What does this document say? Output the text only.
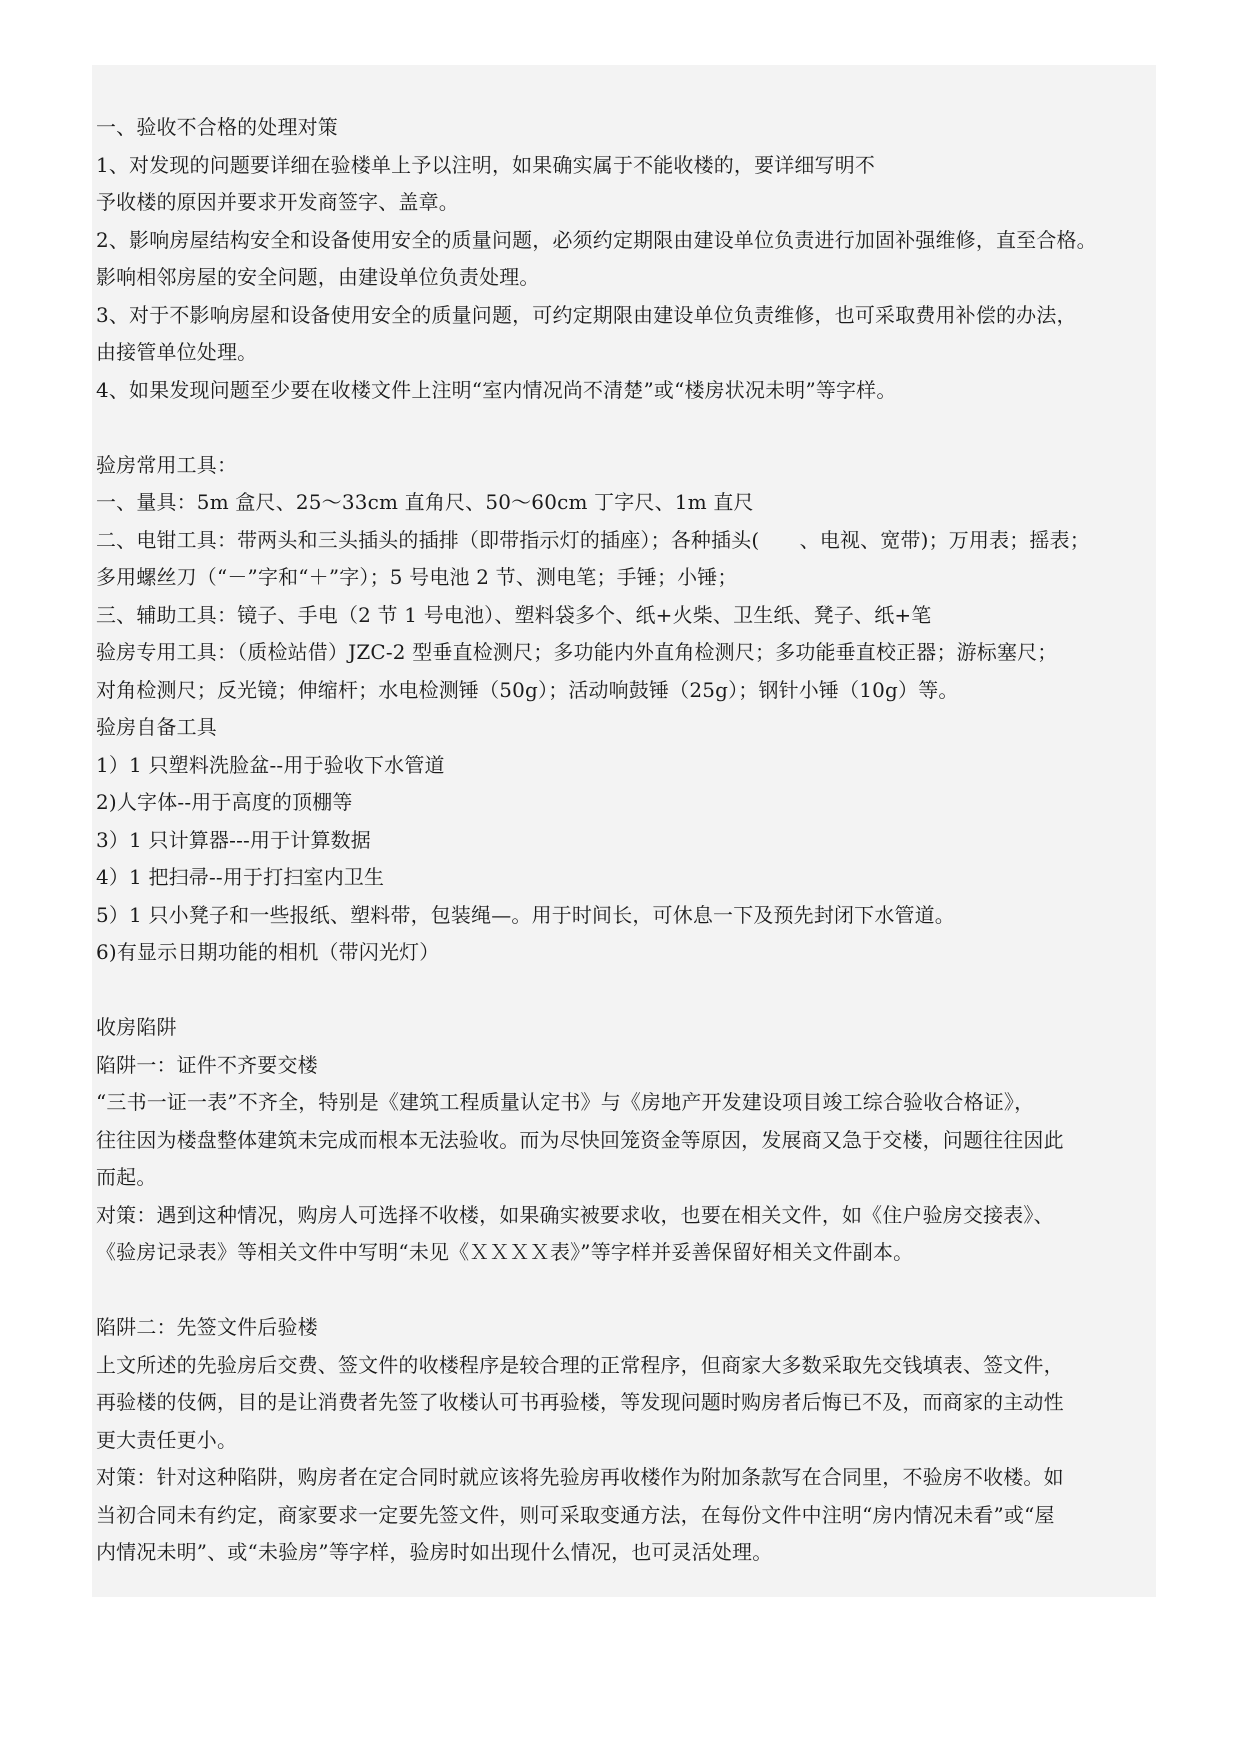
一、验收不合格的处理对策
1、对发现的问题要详细在验楼单上予以注明，如果确实属于不能收楼的，要详细写明不
予收楼的原因并要求开发商签字、盖章。
2、影响房屋结构安全和设备使用安全的质量问题，必须约定期限由建设单位负责进行加固补强维修，直至合格。
影响相邻房屋的安全问题，由建设单位负责处理。
3、对于不影响房屋和设备使用安全的质量问题，可约定期限由建设单位负责维修，也可采取费用补偿的办法，
由接管单位处理。
4、如果发现问题至少要在收楼文件上注明“室内情况尚不清楚”或“楼房状况未明”等字样。
验房常用工具：
一、量具：5m 盒尺、25～33cm 直角尺、50～60cm 丁字尺、1m 直尺
二、电钳工具：带两头和三头插头的插排（即带指示灯的插座）；各种插头(　　、电视、宽带)；万用表；摇表；
多用螺丝刀（“－”字和“＋”字）；5 号电池 2 节、测电笔；手锤；小锤；
三、辅助工具：镜子、手电（2 节 1 号电池）、塑料袋多个、纸+火柴、卫生纸、凳子、纸+笔
验房专用工具：（质检站借）JZC-2 型垂直检测尺；多功能内外直角检测尺；多功能垂直校正器；游标塞尺；
对角检测尺；反光镜；伸缩杆；水电检测锤（50g）；活动响鼓锤（25g）；钢针小锤（10g）等。
验房自备工具
1）1 只塑料洗脸盆--用于验收下水管道
2)人字体--用于高度的顶棚等
3）1 只计算器---用于计算数据
4）1 把扫帚--用于打扫室内卫生
5）1 只小凳子和一些报纸、塑料带，包装绳—。用于时间长，可休息一下及预先封闭下水管道。
6)有显示日期功能的相机（带闪光灯）
收房陷阱
陷阱一：证件不齐要交楼
“三书一证一表”不齐全，特别是《建筑工程质量认定书》与《房地产开发建设项目竣工综合验收合格证》，
往往因为楼盘整体建筑未完成而根本无法验收。而为尽快回笼资金等原因，发展商又急于交楼，问题往往因此
而起。
对策：遇到这种情况，购房人可选择不收楼，如果确实被要求收，也要在相关文件，如《住户验房交接表》、
《验房记录表》等相关文件中写明“未见《ＸＸＸＸ表》”等字样并妥善保留好相关文件副本。
陷阱二：先签文件后验楼
上文所述的先验房后交费、签文件的收楼程序是较合理的正常程序，但商家大多数采取先交钱填表、签文件，
再验楼的伎俩，目的是让消费者先签了收楼认可书再验楼，等发现问题时购房者后悔已不及，而商家的主动性
更大责任更小。
对策：针对这种陷阱，购房者在定合同时就应该将先验房再收楼作为附加条款写在合同里，不验房不收楼。如
当初合同未有约定，商家要求一定要先签文件，则可采取变通方法，在每份文件中注明“房内情况未看”或“屋
内情况未明”、或“未验房”等字样，验房时如出现什么情况，也可灵活处理。
